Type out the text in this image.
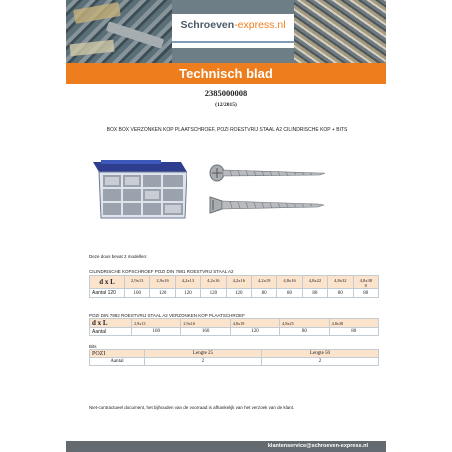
Schroeven-express.nl
Technisch blad
2385000008
(12/2015)
BOX BOX VERZONKEN KOP PLAATSCHROEF, POZI ROESTVRIJ STAAL A2 CILINDRISCHE KOP + BITS
Deze doos bevat 2 modellen:
CILINDRISCHE KOPSCHROEF POZI DIN 7981 ROESTVRIJ STAAL A2
d x L	2,9x13	2,9x16	4,2x13	4,2x16	4,2x16	4,2x19	4,8x16	4,8x22	4,8x32	4,8x38
0
Aantal 120	160	120	120	120	120	80	80	80	80	80
POZI DIN 7982 ROESTVRIJ STAAL A2 VERZONKEN KOP PLAATSCHROEF
d x L	2,9x13	2,9x16	4,8x19	4,8x25	4,8x38
Aantal	160	160	120	80	80
Bits
POZI	Lengte 25	Lengte 50
Aantal	2	2
Niet-contractueel document, het bijhouden van de voorraad is afhankelijk van het verzoek van de klant.
klantenservice@schroeven-express.nl
